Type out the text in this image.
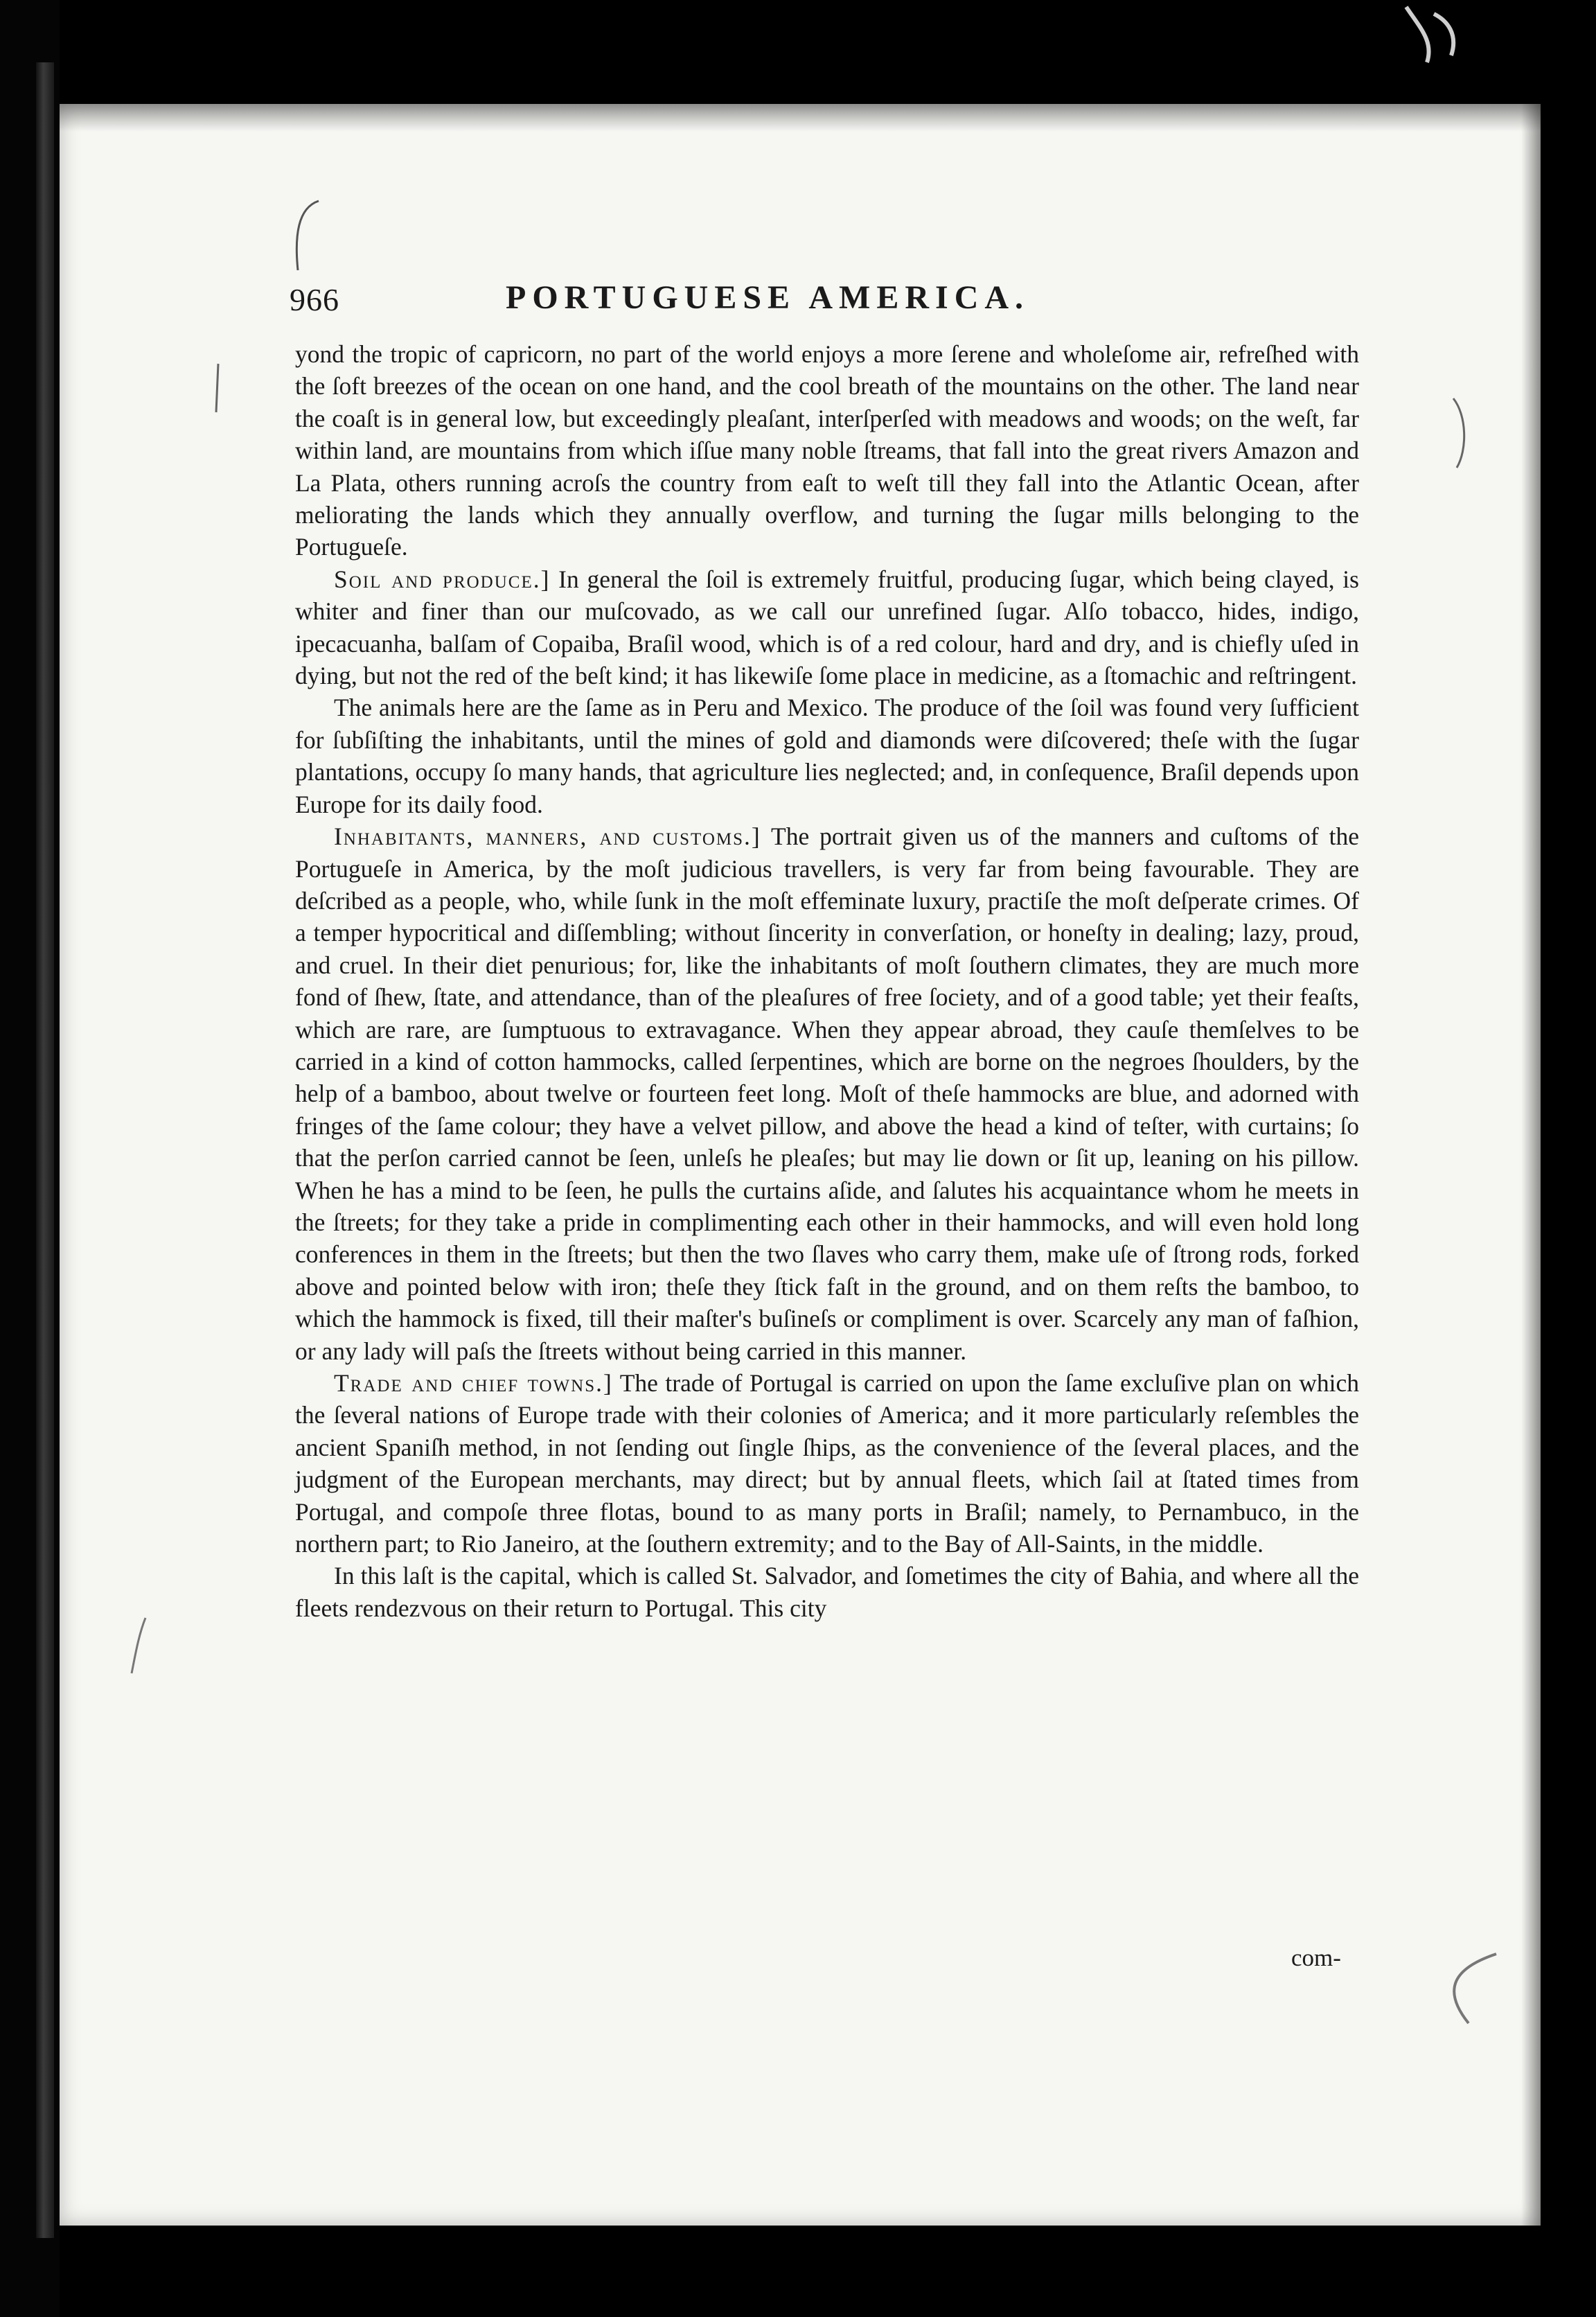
966	PORTUGUESE AMERICA.

yond the tropic of capricorn, no part of the world enjoys a more ſerene and wholeſome air, refreſhed with the ſoft breezes of the ocean on one hand, and the cool breath of the mountains on the other. The land near the coaſt is in general low, but exceedingly pleaſant, interſperſed with meadows and woods; on the weſt, far within land, are mountains from which iſſue many noble ſtreams, that fall into the great rivers Amazon and La Plata, others running acroſs the country from eaſt to weſt till they fall into the Atlantic Ocean, after meliorating the lands which they annually overflow, and turning the ſugar mills belonging to the Portugueſe.

Soil and produce.] In general the ſoil is extremely fruitful, producing ſugar, which being clayed, is whiter and finer than our muſcovado, as we call our unrefined ſugar. Alſo tobacco, hides, indigo, ipecacuanha, balſam of Copaiba, Braſil wood, which is of a red colour, hard and dry, and is chiefly uſed in dying, but not the red of the beſt kind; it has likewiſe ſome place in medicine, as a ſtomachic and reſtringent.

The animals here are the ſame as in Peru and Mexico. The produce of the ſoil was found very ſufficient for ſubſiſting the inhabitants, until the mines of gold and diamonds were diſcovered; theſe with the ſugar plantations, occupy ſo many hands, that agriculture lies neglected; and, in conſequence, Braſil depends upon Europe for its daily food.

Inhabitants, manners, and customs.] The portrait given us of the manners and cuſtoms of the Portugueſe in America, by the moſt judicious travellers, is very far from being favourable. They are deſcribed as a people, who, while ſunk in the moſt effeminate luxury, practiſe the moſt deſperate crimes. Of a temper hypocritical and diſſembling; without ſincerity in converſation, or honeſty in dealing; lazy, proud, and cruel. In their diet penurious; for, like the inhabitants of moſt ſouthern climates, they are much more fond of ſhew, ſtate, and attendance, than of the pleaſures of free ſociety, and of a good table; yet their feaſts, which are rare, are ſumptuous to extravagance. When they appear abroad, they cauſe themſelves to be carried in a kind of cotton hammocks, called ſerpentines, which are borne on the negroes ſhoulders, by the help of a bamboo, about twelve or fourteen feet long. Moſt of theſe hammocks are blue, and adorned with fringes of the ſame colour; they have a velvet pillow, and above the head a kind of teſter, with curtains; ſo that the perſon carried cannot be ſeen, unleſs he pleaſes; but may lie down or ſit up, leaning on his pillow. When he has a mind to be ſeen, he pulls the curtains aſide, and ſalutes his acquaintance whom he meets in the ſtreets; for they take a pride in complimenting each other in their hammocks, and will even hold long conferences in them in the ſtreets; but then the two ſlaves who carry them, make uſe of ſtrong rods, forked above and pointed below with iron; theſe they ſtick faſt in the ground, and on them reſts the bamboo, to which the hammock is fixed, till their maſter's buſineſs or compliment is over. Scarcely any man of faſhion, or any lady will paſs the ſtreets without being carried in this manner.

Trade and chief towns.] The trade of Portugal is carried on upon the ſame excluſive plan on which the ſeveral nations of Europe trade with their colonies of America; and it more particularly reſembles the ancient Spaniſh method, in not ſending out ſingle ſhips, as the convenience of the ſeveral places, and the judgment of the European merchants, may direct; but by annual fleets, which ſail at ſtated times from Portugal, and compoſe three flotas, bound to as many ports in Braſil; namely, to Pernambuco, in the northern part; to Rio Janeiro, at the ſouthern extremity; and to the Bay of All-Saints, in the middle.

In this laſt is the capital, which is called St. Salvador, and ſometimes the city of Bahia, and where all the fleets rendezvous on their return to Portugal. This city

com-
